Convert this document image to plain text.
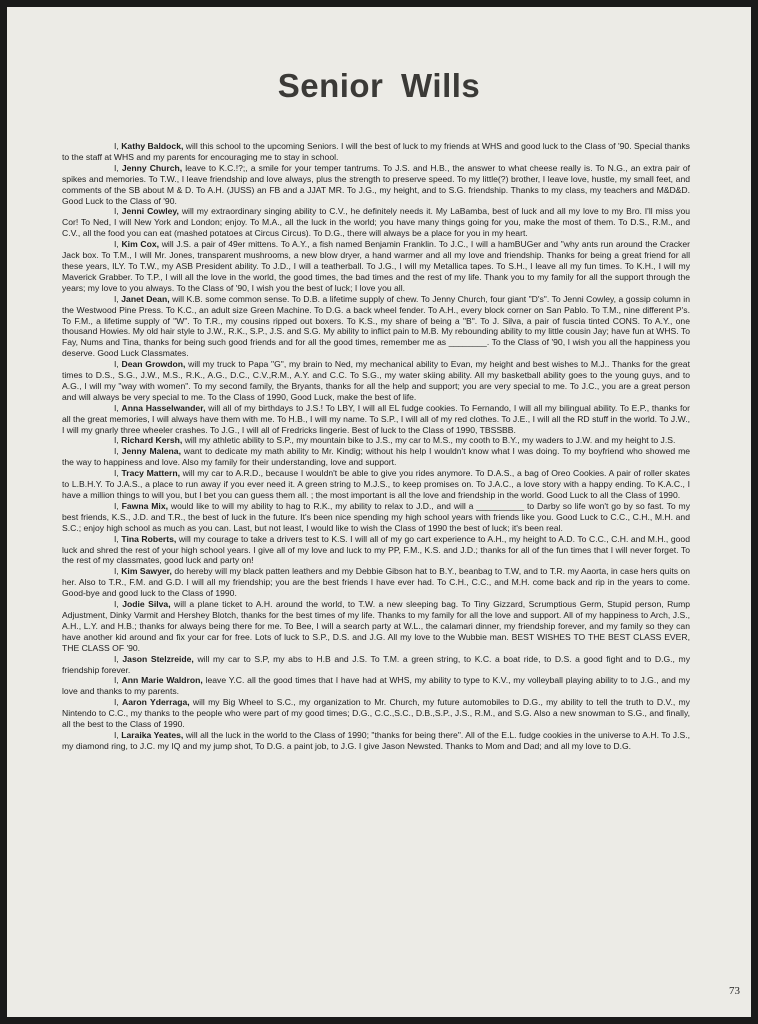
Senior Wills

I, Kathy Baldock, will this school to the upcoming Seniors. I will the best of luck to my friends at WHS and good luck to the Class of '90. Special thanks to the staff at WHS and my parents for encouraging me to stay in school.

I, Jenny Church, leave to K.C.!?;, a smile for your temper tantrums. To J.S. and H.B., the answer to what cheese really is. To N.G., an extra pair of spikes and memories. To T.W., I leave friendship and love always, plus the strength to preserve speed. To my little(?) brother, I leave love, hustle, my small feet, and comments of the SB about M & D. To A.H. (JUSS) an FB and a JJAT MR. To J.G., my height, and to S.G. friendship. Thanks to my class, my teachers and M&D&D. Good Luck to the Class of '90.

I, Jenni Cowley, will my extraordinary singing ability to C.V., he definitely needs it. My LaBamba, best of luck and all my love to my Bro. I'll miss you Cor! To Ned, I will New York and London; enjoy. To M.A., all the luck in the world; you have many things going for you, make the most of them. To D.S., R.M., and C.V., all the food you can eat (mashed potatoes at Circus Circus). To D.G., there will always be a place for you in my heart.

I, Kim Cox, will J.S. a pair of 49er mittens. To A.Y., a fish named Benjamin Franklin. To J.C., I will a hamBUGer and "why ants run around the Cracker Jack box. To T.M., I will Mr. Jones, transparent mushrooms, a new blow dryer, a hand warmer and all my love and friendship. Thanks for being a great friend for all these years, ILY. To T.W., my ASB President ability. To J.D., I will a teatherball. To J.G., I will my Metallica tapes. To S.H., I leave all my fun times. To K.H., I will my Maverick Grabber. To T.P., I will all the love in the world, the good times, the bad times and the rest of my life. Thank you to my family for all the support through the years; my love to you always. To the Class of '90, I wish you the best of luck; I love you all.

I, Janet Dean, will K.B. some common sense. To D.B. a lifetime supply of chew. To Jenny Church, four giant "D's". To Jenni Cowley, a gossip column in the Westwood Pine Press. To K.C., an adult size Green Machine. To D.G. a back wheel fender. To A.H., every block corner on San Pablo. To T.M., nine different P's. To F.M., a lifetime supply of "W". To T.R., my cousins ripped out boxers. To K.S., my share of being a "B". To J. Silva, a pair of fuscia tinted CONS. To A.Y., one thousand Howies. My old hair style to J.W., R.K., S.P., J.S. and S.G. My ability to inflict pain to M.B. My rebounding ability to my little cousin Jay; have fun at WHS. To Fay, Nums and Tina, thanks for being such good friends and for all the good times, remember me as ________. To the Class of '90, I wish you all the happiness you deserve. Good Luck Classmates.

I, Dean Growdon, will my truck to Papa "G", my brain to Ned, my mechanical ability to Evan, my height and best wishes to M.J.. Thanks for the great times to D.S., S.G., J.W., M.S., R.K., A.G., D.C., C.V.,R.M., A.Y. and C.C. To S.G., my water skiing ability. All my basketball ability goes to the young guys, and to A.G., I will my "way with women". To my second family, the Bryants, thanks for all the help and support; you are very special to me. To J.C., you are a great person and will always be very special to me. To the Class of 1990, Good Luck, make the best of life.

I, Anna Hasselwander, will all of my birthdays to J.S.! To LBY, I will all EL fudge cookies. To Fernando, I will all my bilingual ability. To E.P., thanks for all the great memories, I will always have them with me. To H.B., I will my name. To S.P., I will all of my red clothes. To J.E., I will all the RD stuff in the world. To J.W., I will my gnarly three wheeler crashes. To J.G., I will all of Fredricks lingerie. Best of luck to the Class of 1990, TBSSBB.

I, Richard Kersh, will my athletic ability to S.P., my mountain bike to J.S., my car to M.S., my cooth to B.Y., my waders to J.W. and my height to J.S.

I, Jenny Malena, want to dedicate my math ability to Mr. Kindig; without his help I wouldn't know what I was doing. To my boyfriend who showed me the way to happiness and love. Also my family for their understanding, love and support.

I, Tracy Mattern, will my car to A.R.D., because I wouldn't be able to give you rides anymore. To D.A.S., a bag of Oreo Cookies. A pair of roller skates to L.B.H.Y. To J.A.S., a place to run away if you ever need it. A green string to M.J.S., to keep promises on. To J.A.C., a love story with a happy ending. To K.A.C., I have a million things to will you, but I bet you can guess them all. ; the most important is all the love and friendship in the world. Good Luck to all the Class of 1990.

I, Fawna Mix, would like to will my ability to hag to R.K., my ability to relax to J.D., and will a __________ to Darby so life won't go by so fast. To my best friends, K.S., J.D. and T.R., the best of luck in the future. It's been nice spending my high school years with friends like you. Good Luck to C.C., C.H., M.H. and S.C.; enjoy high school as much as you can. Last, but not least, I would like to wish the Class of 1990 the best of luck; it's been real.

I, Tina Roberts, will my courage to take a drivers test to K.S. I will all of my go cart experience to A.H., my height to A.D. To C.C., C.H. and M.H., good luck and shred the rest of your high school years. I give all of my love and luck to my PP, F.M., K.S. and J.D.; thanks for all of the fun times that I will never forget. To the rest of my classmates, good luck and party on!

I, Kim Sawyer, do hereby will my black patten leathers and my Debbie Gibson hat to B.Y., beanbag to T.W, and to T.R. my Aaorta, in case hers quits on her. Also to T.R., F.M. and G.D. I will all my friendship; you are the best friends I have ever had. To C.H., C.C., and M.H. come back and rip in the years to come. Good-bye and good luck to the Class of 1990.

I, Jodie Silva, will a plane ticket to A.H. around the world, to T.W. a new sleeping bag. To Tiny Gizzard, Scrumptious Germ, Stupid person, Rump Adjustment, Dinky Varmit and Hershey Blotch, thanks for the best times of my life. Thanks to my family for all the love and support. All of my happiness to Arch, J.S., A.H., L.Y. and H.B.; thanks for always being there for me. To Bee, I will a search party at W.L., the calamari dinner, my friendship forever, and my family so they can have another kid around and fix your car for free. Lots of luck to S.P., D.S. and J.G. All my love to the Wubbie man. BEST WISHES TO THE BEST CLASS EVER, THE CLASS OF '90.

I, Jason Stelzreide, will my car to S.P, my abs to H.B and J.S. To T.M. a green string, to K.C. a boat ride, to D.S. a good fight and to D.G., my friendship forever.

I, Ann Marie Waldron, leave Y.C. all the good times that I have had at WHS, my ability to type to K.V., my volleyball playing ability to to J.G., and my love and thanks to my parents.

I, Aaron Yderraga, will my Big Wheel to S.C., my organization to Mr. Church, my future automobiles to D.G., my ability to tell the truth to D.V., my Nintendo to C.C., my thanks to the people who were part of my good times; D.G., C.C.,S.C., D.B.,S.P., J.S., R.M., and S.G. Also a new snowman to S.G., and finally, all the best to the Class of 1990.

I, Laraika Yeates, will all the luck in the world to the Class of 1990; "thanks for being there". All of the E.L. fudge cookies in the universe to A.H. To J.S., my diamond ring, to J.C. my IQ and my jump shot, To D.G. a paint job, to J.G. I give Jason Newsted. Thanks to Mom and Dad; and all my love to D.G.

73
